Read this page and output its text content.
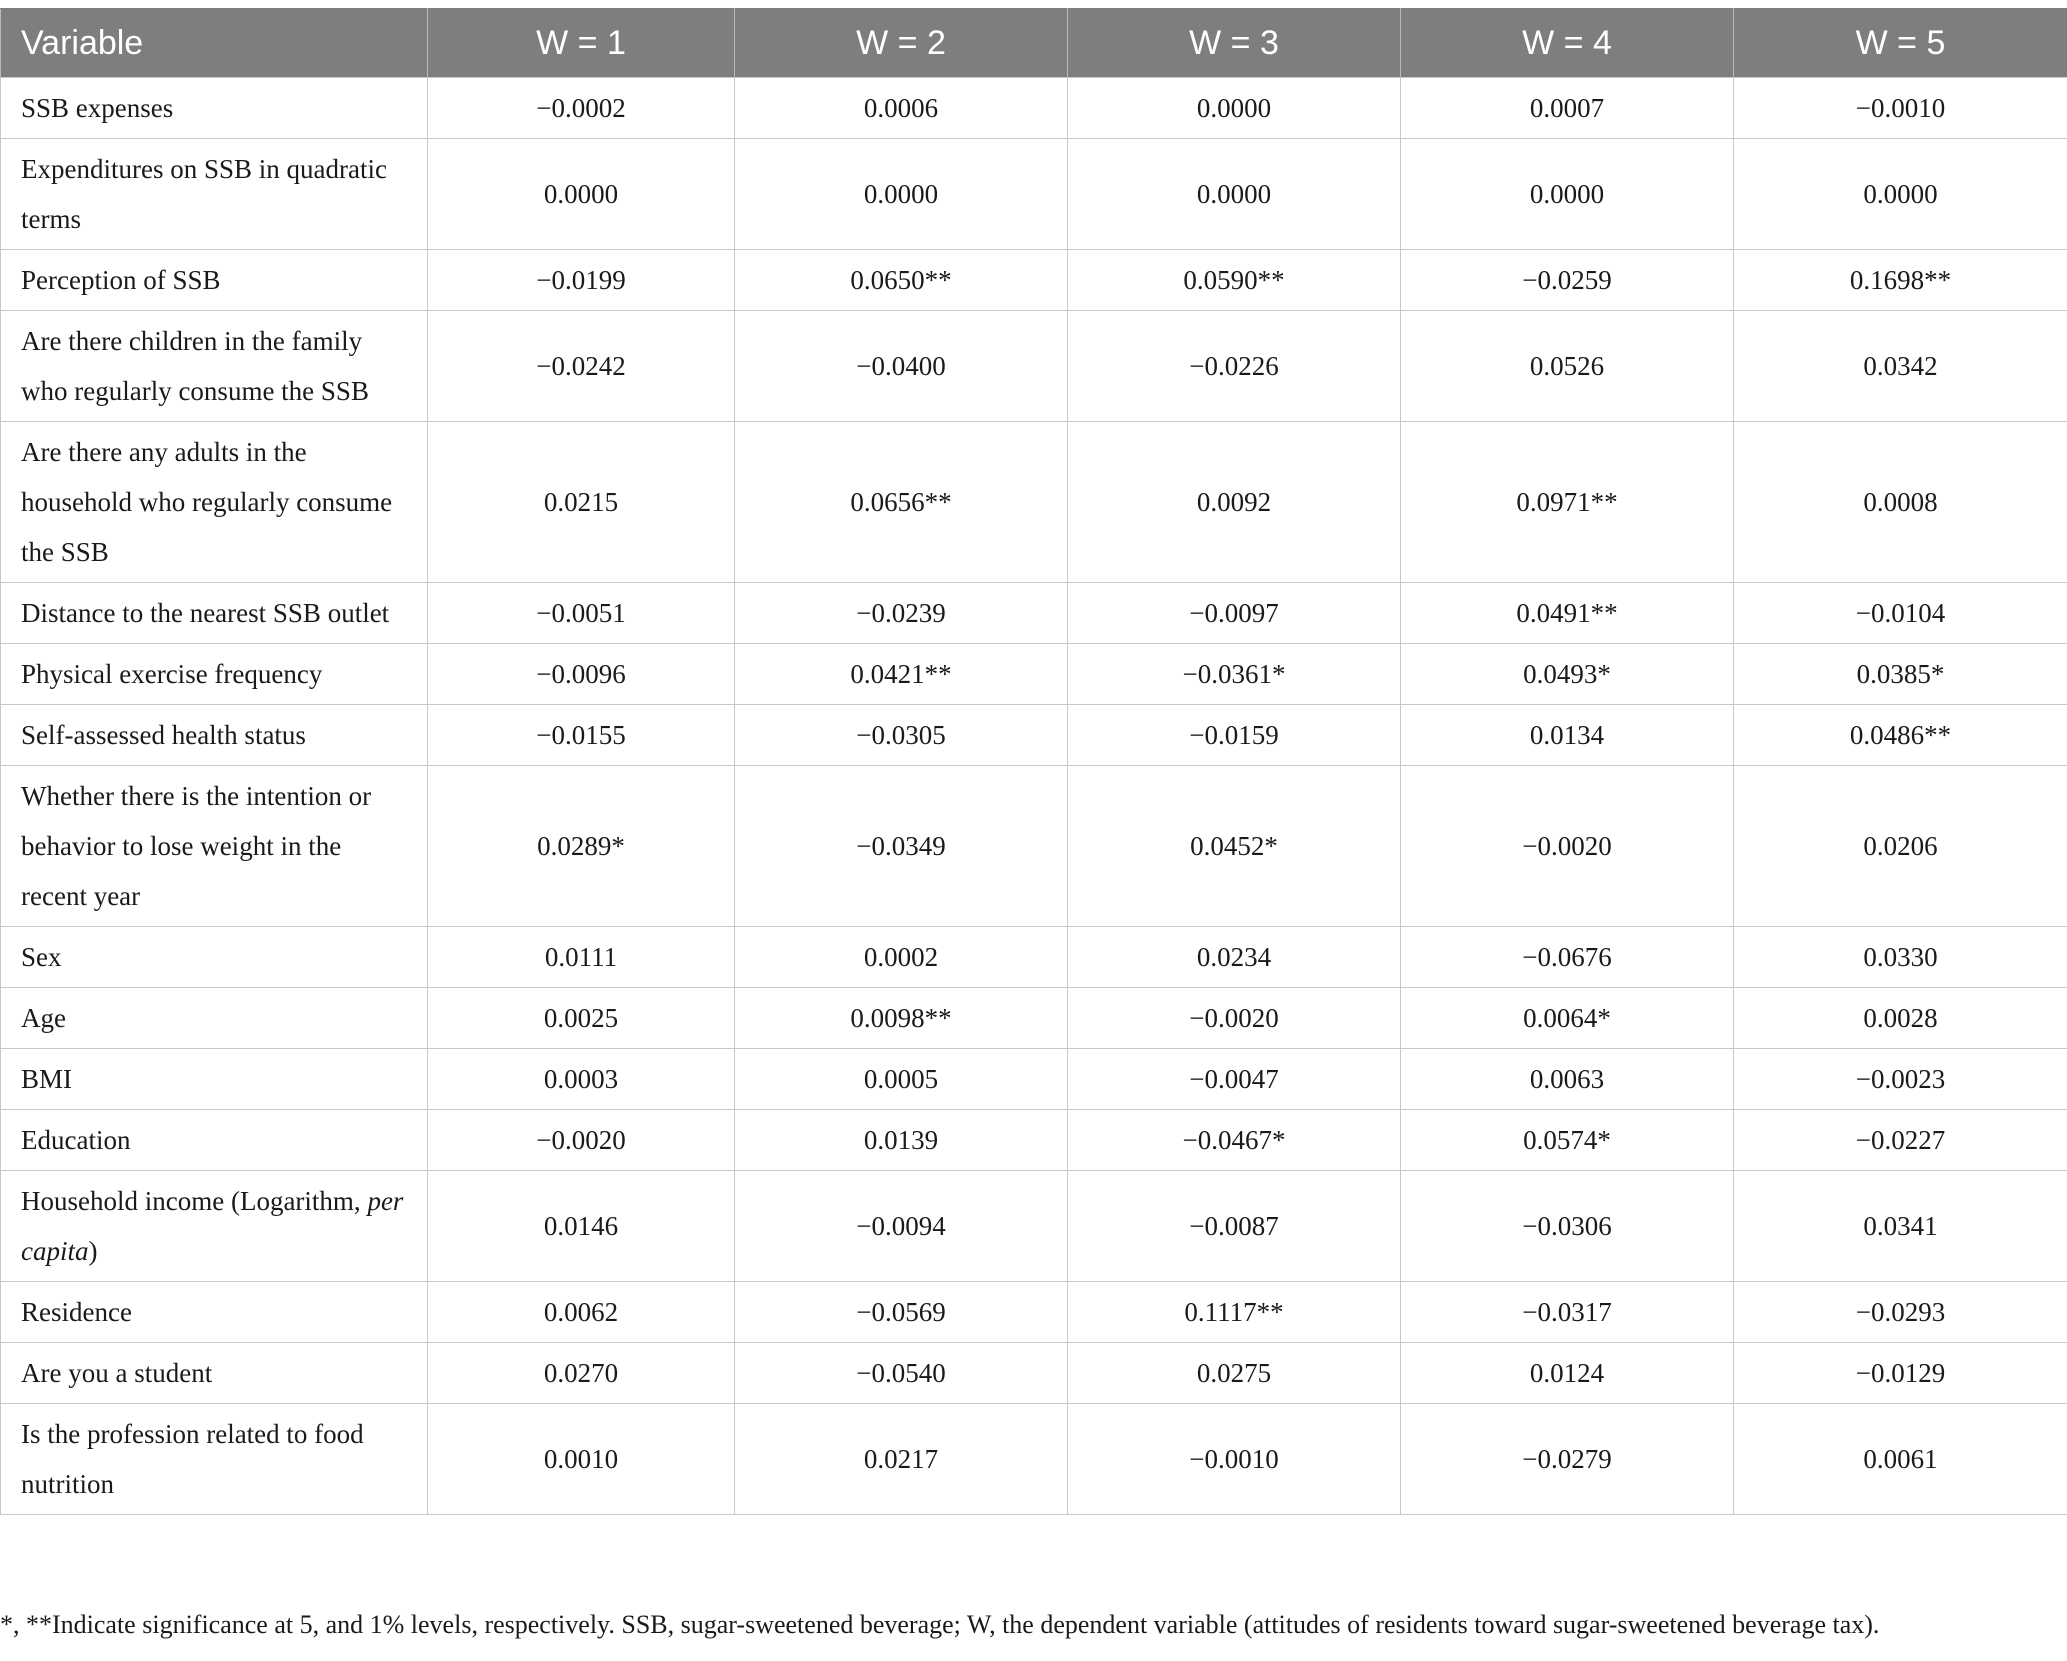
Variable	W = 1	W = 2	W = 3	W = 4	W = 5
SSB expenses	−0.0002	0.0006	0.0000	0.0007	−0.0010
Expenditures on SSB in quadratic terms	0.0000	0.0000	0.0000	0.0000	0.0000
Perception of SSB	−0.0199	0.0650**	0.0590**	−0.0259	0.1698**
Are there children in the family who regularly consume the SSB	−0.0242	−0.0400	−0.0226	0.0526	0.0342
Are there any adults in the household who regularly consume the SSB	0.0215	0.0656**	0.0092	0.0971**	0.0008
Distance to the nearest SSB outlet	−0.0051	−0.0239	−0.0097	0.0491**	−0.0104
Physical exercise frequency	−0.0096	0.0421**	−0.0361*	0.0493*	0.0385*
Self-assessed health status	−0.0155	−0.0305	−0.0159	0.0134	0.0486**
Whether there is the intention or behavior to lose weight in the recent year	0.0289*	−0.0349	0.0452*	−0.0020	0.0206
Sex	0.0111	0.0002	0.0234	−0.0676	0.0330
Age	0.0025	0.0098**	−0.0020	0.0064*	0.0028
BMI	0.0003	0.0005	−0.0047	0.0063	−0.0023
Education	−0.0020	0.0139	−0.0467*	0.0574*	−0.0227
Household income (Logarithm, per capita)	0.0146	−0.0094	−0.0087	−0.0306	0.0341
Residence	0.0062	−0.0569	0.1117**	−0.0317	−0.0293
Are you a student	0.0270	−0.0540	0.0275	0.0124	−0.0129
Is the profession related to food nutrition	0.0010	0.0217	−0.0010	−0.0279	0.0061
*, **Indicate significance at 5, and 1% levels, respectively. SSB, sugar-sweetened beverage; W, the dependent variable (attitudes of residents toward sugar-sweetened beverage tax).
